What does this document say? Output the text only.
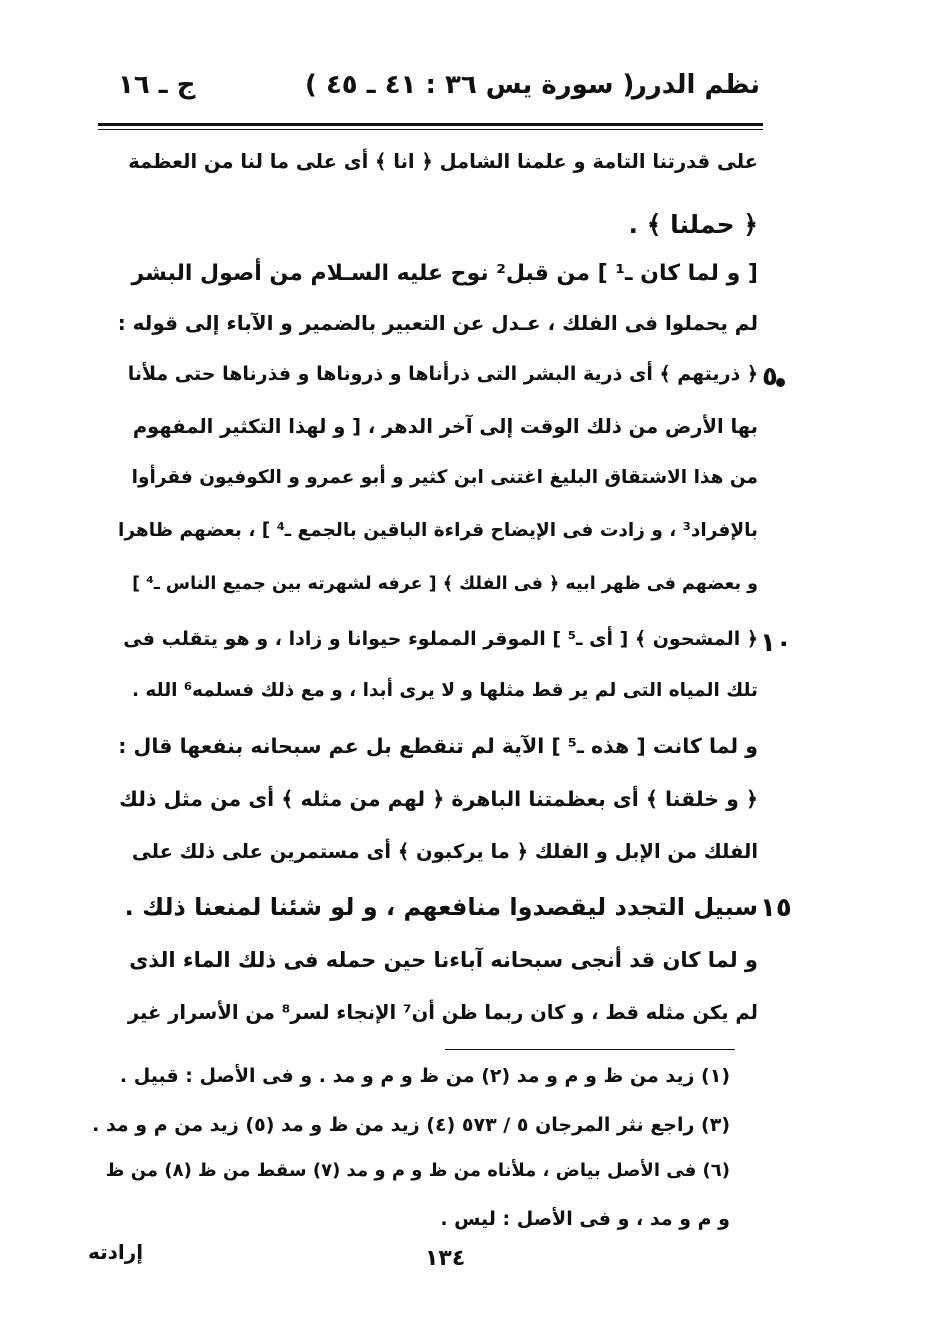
نظم الدرر
( سورة يس ٣٦ : ٤١ ـ ٤٥ )
ج ـ ١٦
على قدرتنا التامة و علمنا الشامل ﴿ انا ﴾ أى على ما لنا من العظمة
﴿ حملنا ﴾ .
[ و لما كان ـ¹ ] من قبل² نوح عليه السـلام من أصول البشر
لم يحملوا فى الفلك ، عـدل عن التعبير بالضمير و الآباء إلى قوله :
﴿ ذريتهم ﴾ أى ذرية البشر التى ذرأناها و ذروناها و فذرناها حتى ملأنا
بها الأرض من ذلك الوقت إلى آخر الدهر ، [ و لهذا التكثير المفهوم
من هذا الاشتقاق البليغ اغتنى ابن كثير و أبو عمرو و الكوفيون فقرأوا
بالإفراد³ ، و زادت فى الإيضاح قراءة الباقين بالجمع ـ⁴ ] ، بعضهم ظاهرا
و بعضهم فى ظهر ابيه ﴿ فى الفلك ﴾ [ عرفه لشهرته بين جميع الناس ـ⁴ ]
﴿ المشحون ﴾ [ أى ـ⁵ ] الموقر المملوء حيوانا و زادا ، و هو يتقلب فى
تلك المياه التى لم ير قط مثلها و لا يرى أبدا ، و مع ذلك فسلمه⁶ الله .
و لما كانت [ هذه ـ⁵ ] الآية لم تنقطع بل عم سبحانه بنفعها قال :
﴿ و خلقنا ﴾ أى بعظمتنا الباهرة ﴿ لهم من مثله ﴾ أى من مثل ذلك
الفلك من الإبل و الفلك ﴿ ما يركبون ﴾ أى مستمرين على ذلك على
سبيل التجدد ليقصدوا منافعهم ، و لو شئنا لمنعنا ذلك .
و لما كان قد أنجى سبحانه آباءنا حين حمله فى ذلك الماء الذى
لم يكن مثله قط ، و كان ربما ظن أن⁷ الإنجاء لسر⁸ من الأسرار غير
٥
١٠
١٥
(١) زيد من ظ و م و مد (٢) من ظ و م و مد . و فى الأصل : قبيل .
(٣) راجع نثر المرجان ٥ / ٥٧٣ (٤) زيد من ظ و مد (٥) زيد من م و مد .
(٦) فى الأصل بياض ، ملأناه من ظ و م و مد (٧) سقط من ظ (٨) من ظ
و م و مد ، و فى الأصل : ليس .
١٣٤
إرادته
